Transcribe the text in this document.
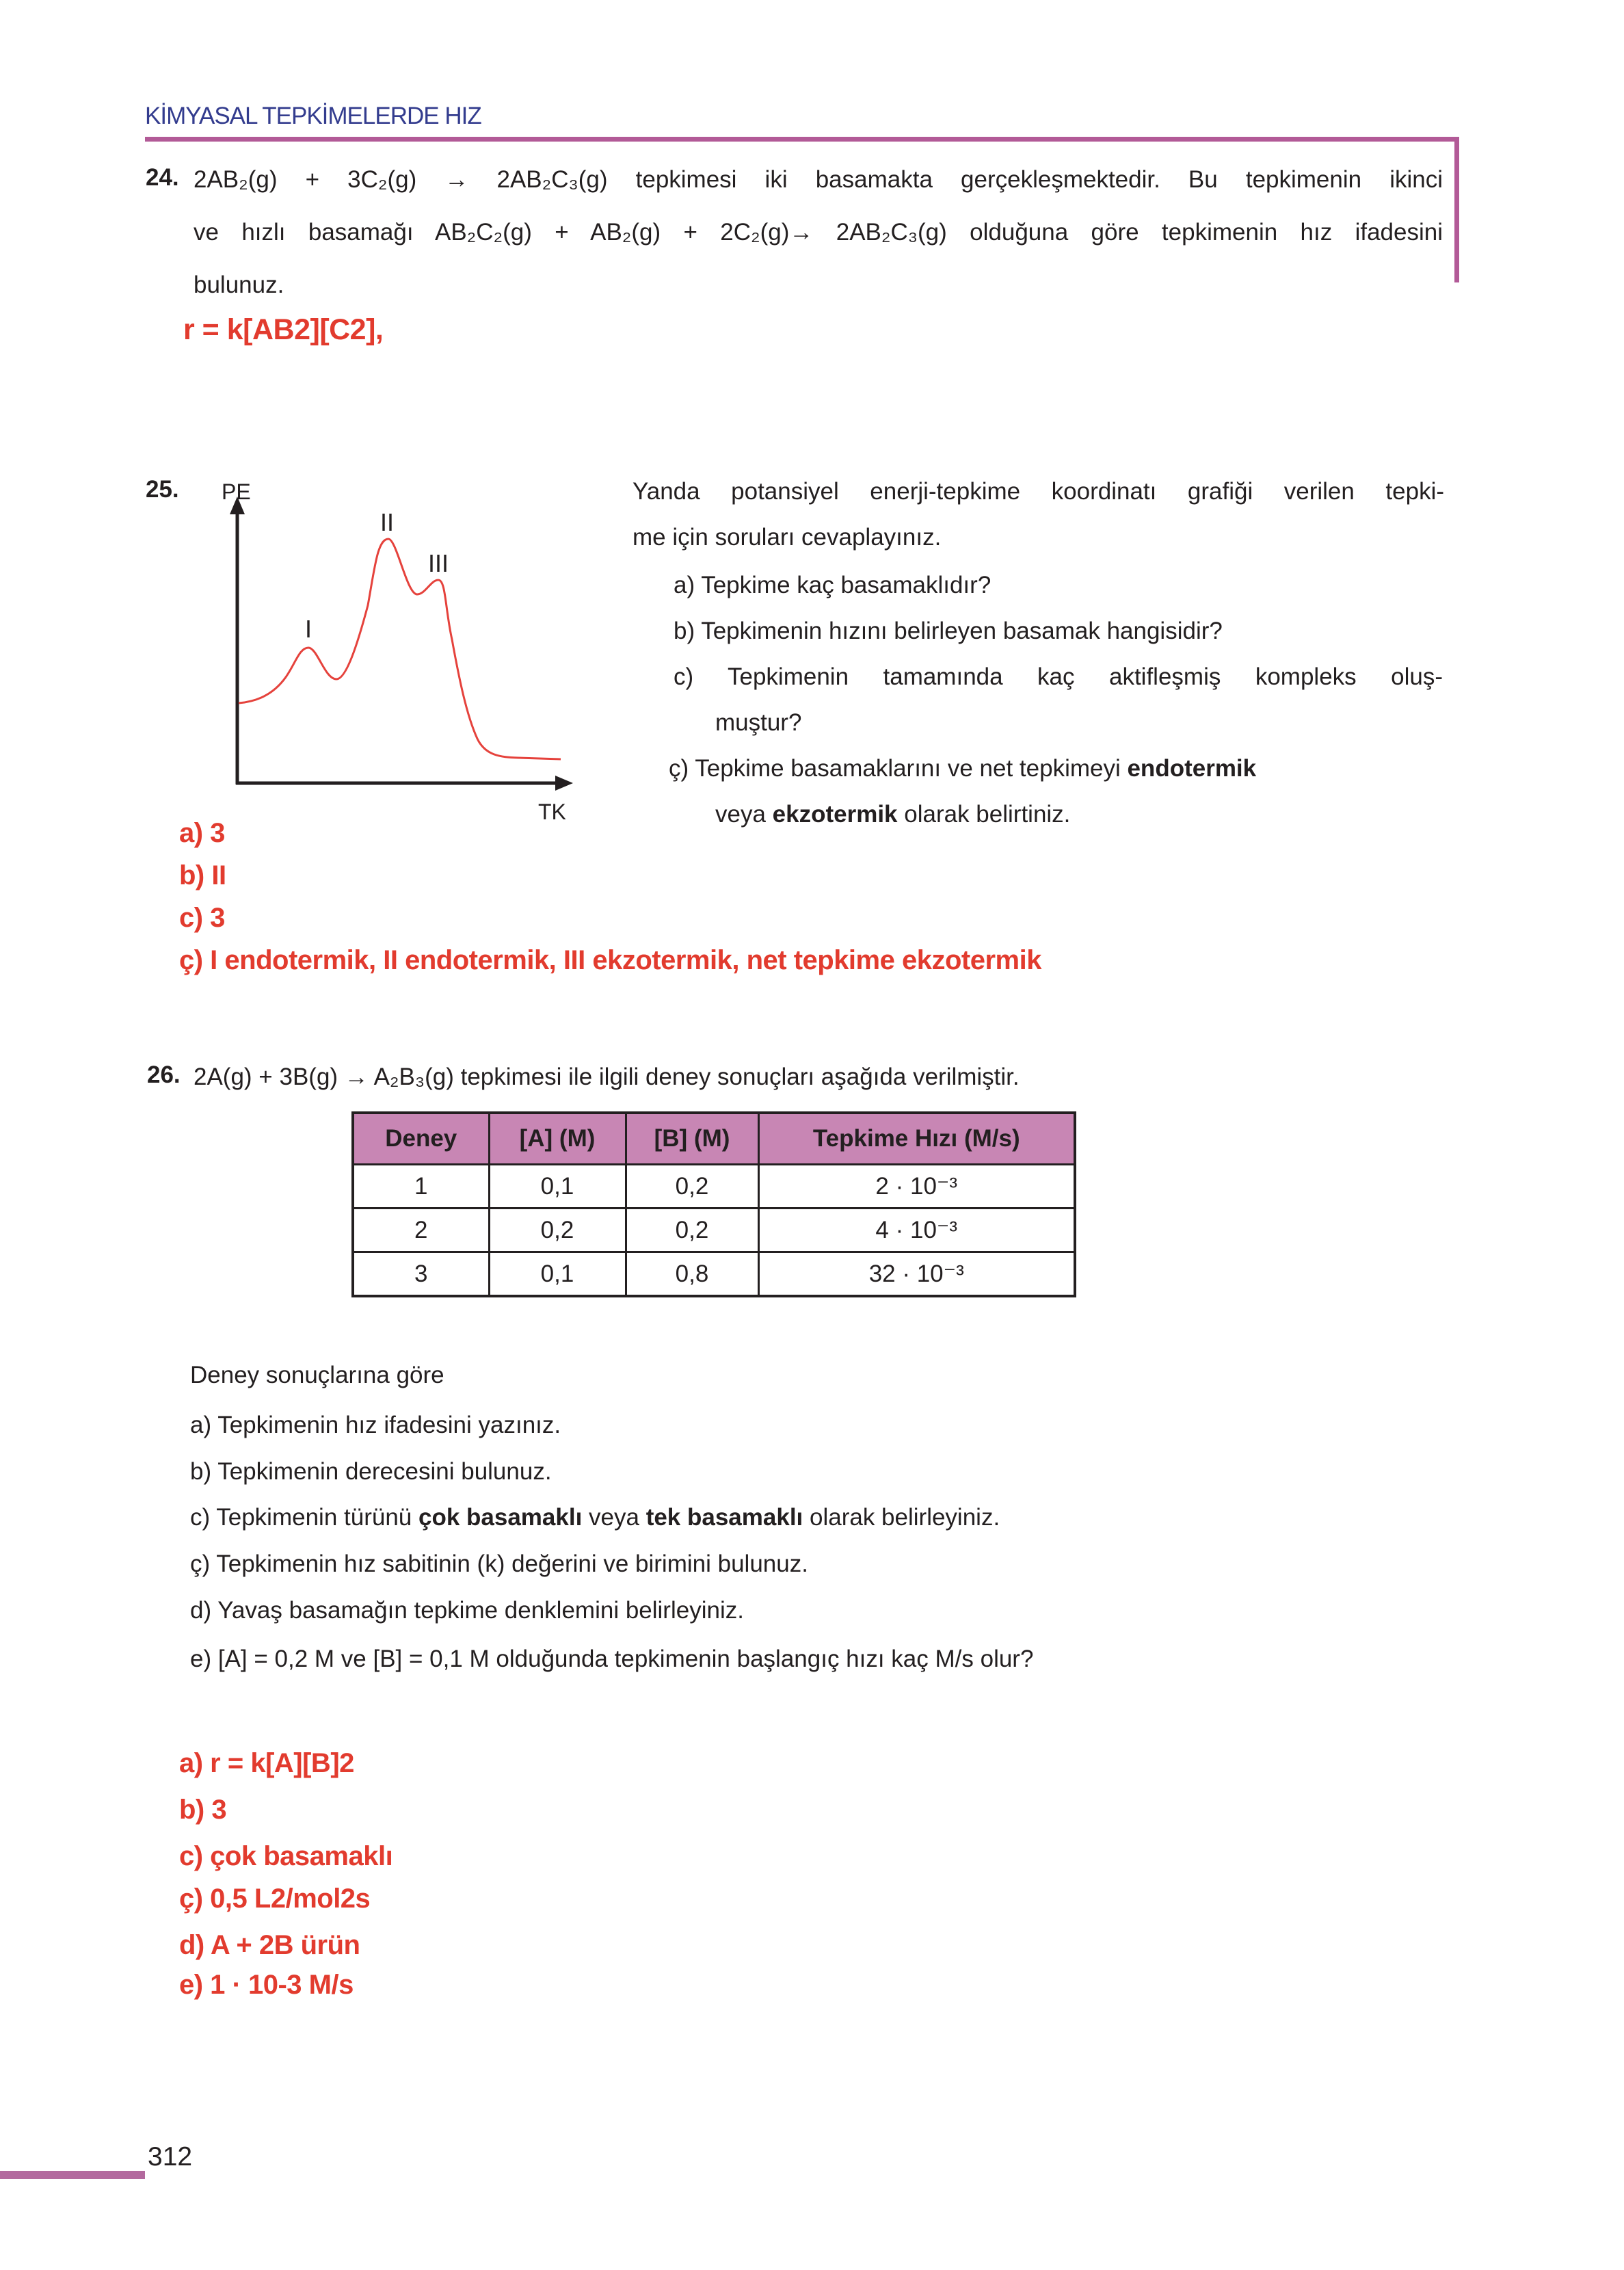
KİMYASAL TEPKİMELERDE HIZ
24. 2AB₂(g) + 3C₂(g) → 2AB₂C₃(g) tepkimesi iki basamakta gerçekleşmektedir. Bu tepkimenin ikinci
ve hızlı basamağı AB₂C₂(g) + AB₂(g) + 2C₂(g)→ 2AB₂C₃(g) olduğuna göre tepkimenin hız ifadesini
bulunuz.
r = k[AB2][C2],
25. PE
TK
I
II
III
Yanda potansiyel enerji-tepkime koordinatı grafiği verilen tepki-
me için soruları cevaplayınız.
a) Tepkime kaç basamaklıdır?
b) Tepkimenin hızını belirleyen basamak hangisidir?
c) Tepkimenin tamamında kaç aktifleşmiş kompleks oluş-
muştur?
ç) Tepkime basamaklarını ve net tepkimeyi endotermik
veya ekzotermik olarak belirtiniz.
a) 3
b) II
c) 3
ç) I endotermik, II endotermik, III ekzotermik, net tepkime ekzotermik
26. 2A(g) + 3B(g) → A₂B₃(g) tepkimesi ile ilgili deney sonuçları aşağıda verilmiştir.
Deney	[A] (M)	[B] (M)	Tepkime Hızı (M/s)
1	0,1	0,2	2 · 10⁻³
2	0,2	0,2	4 · 10⁻³
3	0,1	0,8	32 · 10⁻³
Deney sonuçlarına göre
a) Tepkimenin hız ifadesini yazınız.
b) Tepkimenin derecesini bulunuz.
c) Tepkimenin türünü çok basamaklı veya tek basamaklı olarak belirleyiniz.
ç) Tepkimenin hız sabitinin (k) değerini ve birimini bulunuz.
d) Yavaş basamağın tepkime denklemini belirleyiniz.
e) [A] = 0,2 M ve [B] = 0,1 M olduğunda tepkimenin başlangıç hızı kaç M/s olur?
a) r = k[A][B]2
b) 3
c) çok basamaklı
ç) 0,5 L2/mol2s
d) A + 2B ürün
e) 1 · 10-3 M/s
312
